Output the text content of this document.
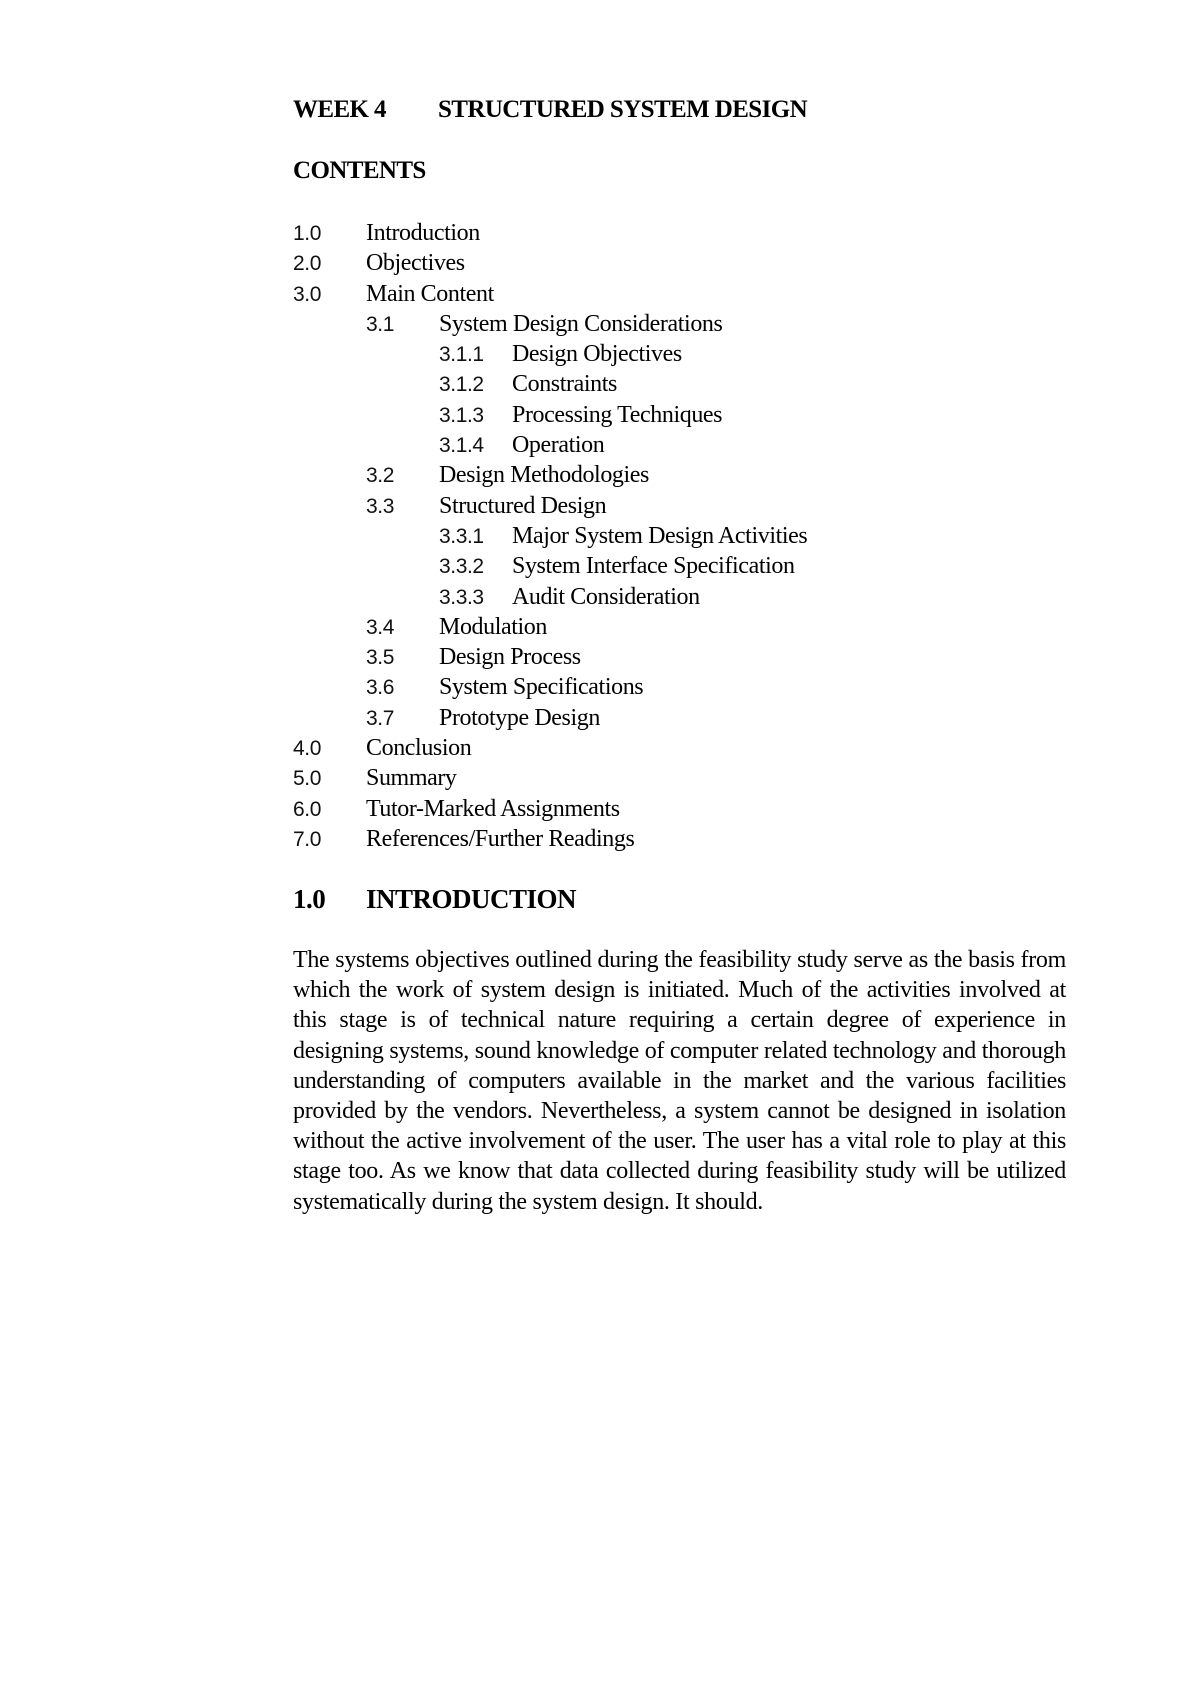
WEEK 4 STRUCTURED SYSTEM DESIGN
CONTENTS
1.0 Introduction
2.0 Objectives
3.0 Main Content
3.1 System Design Considerations
3.1.1 Design Objectives
3.1.2 Constraints
3.1.3 Processing Techniques
3.1.4 Operation
3.2 Design Methodologies
3.3 Structured Design
3.3.1 Major System Design Activities
3.3.2 System Interface Specification
3.3.3 Audit Consideration
3.4 Modulation
3.5 Design Process
3.6 System Specifications
3.7 Prototype Design
4.0 Conclusion
5.0 Summary
6.0 Tutor-Marked Assignments
7.0 References/Further Readings
1.0 INTRODUCTION

The systems objectives outlined during the feasibility study serve as the basis from which the work of system design is initiated. Much of the activities involved at this stage is of technical nature requiring a certain degree of experience in designing systems, sound knowledge of computer related technology and thorough understanding of computers available in the market and the various facilities provided by the vendors. Nevertheless, a system cannot be designed in isolation without the active involvement of the user. The user has a vital role to play at this stage too. As we know that data collected during feasibility study will be utilized systematically during the system design. It should.
